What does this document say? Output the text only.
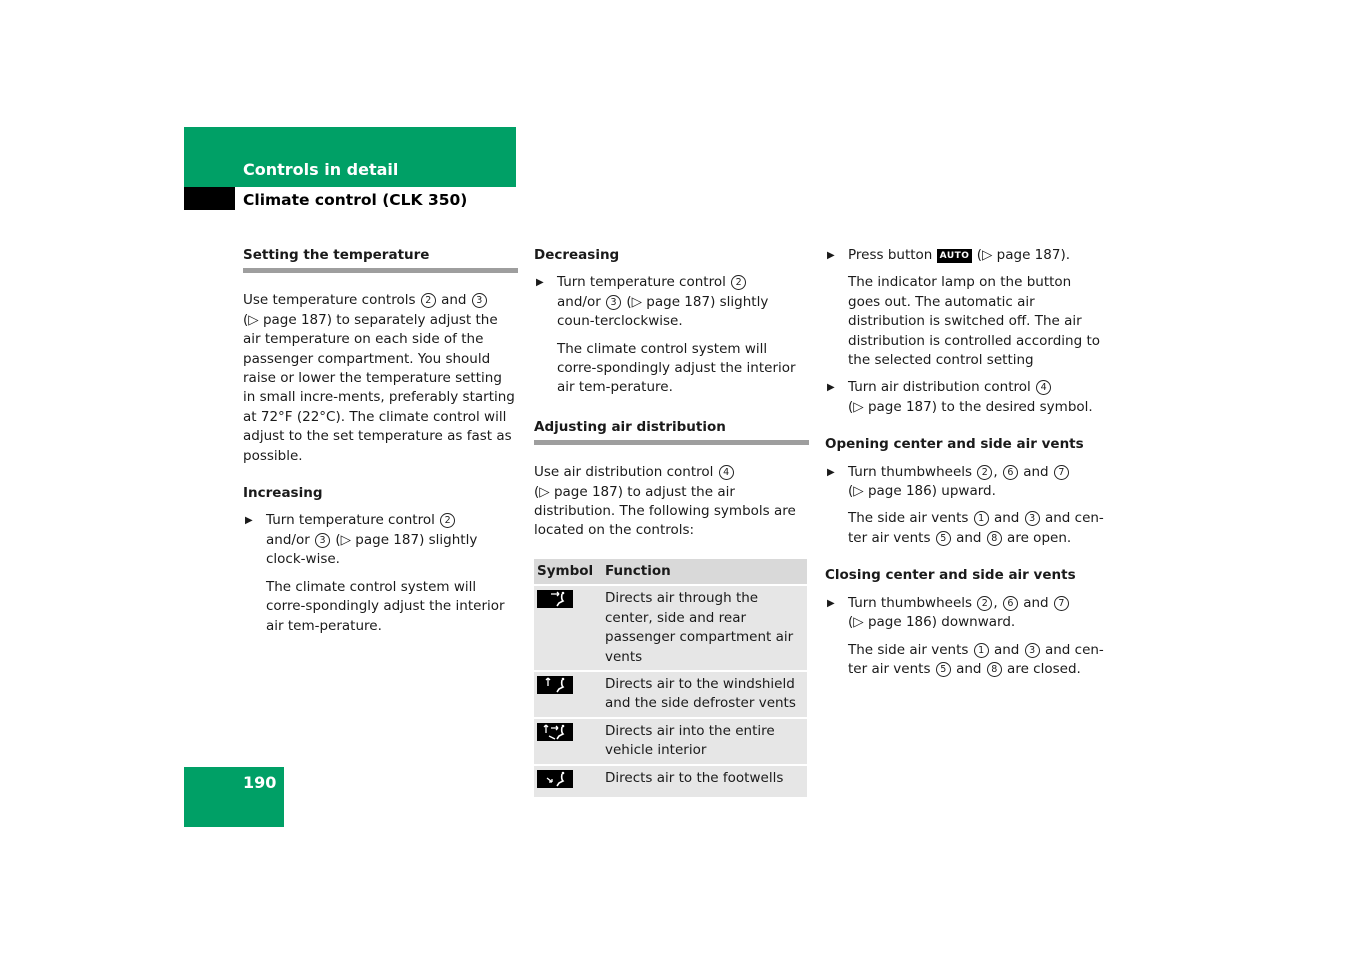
Controls in detail
Climate control (CLK 350)

Setting the temperature

Use temperature controls 2 and 3
(▷ page 187) to separately adjust the air temperature on each side of the passenger compartment. You should raise or lower the temperature setting in small incre-ments, preferably starting at 72°F (22°C). The climate control will adjust to the set temperature as fast as possible.

Increasing

▶ Turn temperature control 2
and/or 3 (▷ page 187) slightly clock-wise.

The climate control system will corre-spondingly adjust the interior air tem-perature.

Decreasing

▶ Turn temperature control 2
and/or 3 (▷ page 187) slightly coun-terclockwise.

The climate control system will corre-spondingly adjust the interior air tem-perature.

Adjusting air distribution

Use air distribution control 4
(▷ page 187) to adjust the air distribution. The following symbols are located on the controls:

Symbol	Function

	Directs air through the center, side and rear passenger compartment air vents

	Directs air to the windshield and the side defroster vents

	Directs air into the entire vehicle interior

	Directs air to the footwells
▶ Press button AUTO (▷ page 187).

The indicator lamp on the button goes out. The automatic air distribution is switched off. The air distribution is controlled according to the selected control setting

▶ Turn air distribution control 4
(▷ page 187) to the desired symbol.

Opening center and side air vents

▶ Turn thumbwheels 2 , 6 and 7
(▷ page 186) upward.

The side air vents 1 and 3 and cen-ter air vents 5 and 8 are open.

Closing center and side air vents

▶ Turn thumbwheels 2 , 6 and 7
(▷ page 186) downward.

The side air vents 1 and 3 and cen-ter air vents 5 and 8 are closed.

190
